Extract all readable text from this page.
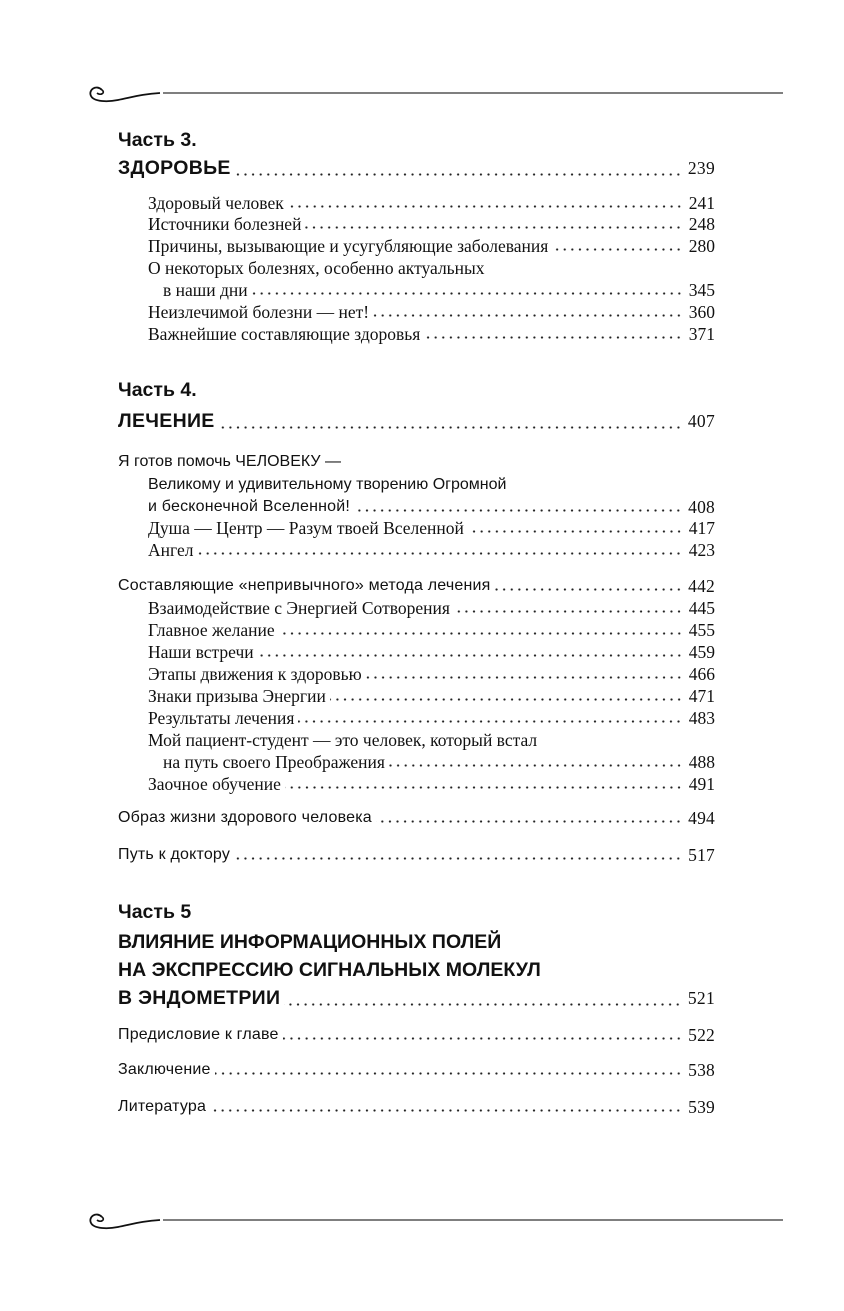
Часть 3.
ЗДОРОВЬЕ	239
Здоровый человек	241
Источники болезней	248
Причины, вызывающие и усугубляющие заболевания	280
О некоторых болезнях, особенно актуальных
в наши дни	345
Неизлечимой болезни — нет!	360
Важнейшие составляющие здоровья	371
Часть 4.
ЛЕЧЕНИЕ	407
Я готов помочь ЧЕЛОВЕКУ —
Великому и удивительному творению Огромной
и бесконечной Вселенной!	408
Душа — Центр — Разум твоей Вселенной	417
Ангел	423
Составляющие «непривычного» метода лечения	442
Взаимодействие с Энергией Сотворения	445
Главное желание	455
Наши встречи	459
Этапы движения к здоровью	466
Знаки призыва Энергии	471
Результаты лечения	483
Мой пациент-студент — это человек, который встал
на путь своего Преображения	488
Заочное обучение	491
Образ жизни здорового человека	494
Путь к доктору	517
Часть 5
ВЛИЯНИЕ ИНФОРМАЦИОННЫХ ПОЛЕЙ
НА ЭКСПРЕССИЮ СИГНАЛЬНЫХ МОЛЕКУЛ
В ЭНДОМЕТРИИ	521
Предисловие к главе	522
Заключение	538
Литература	539
